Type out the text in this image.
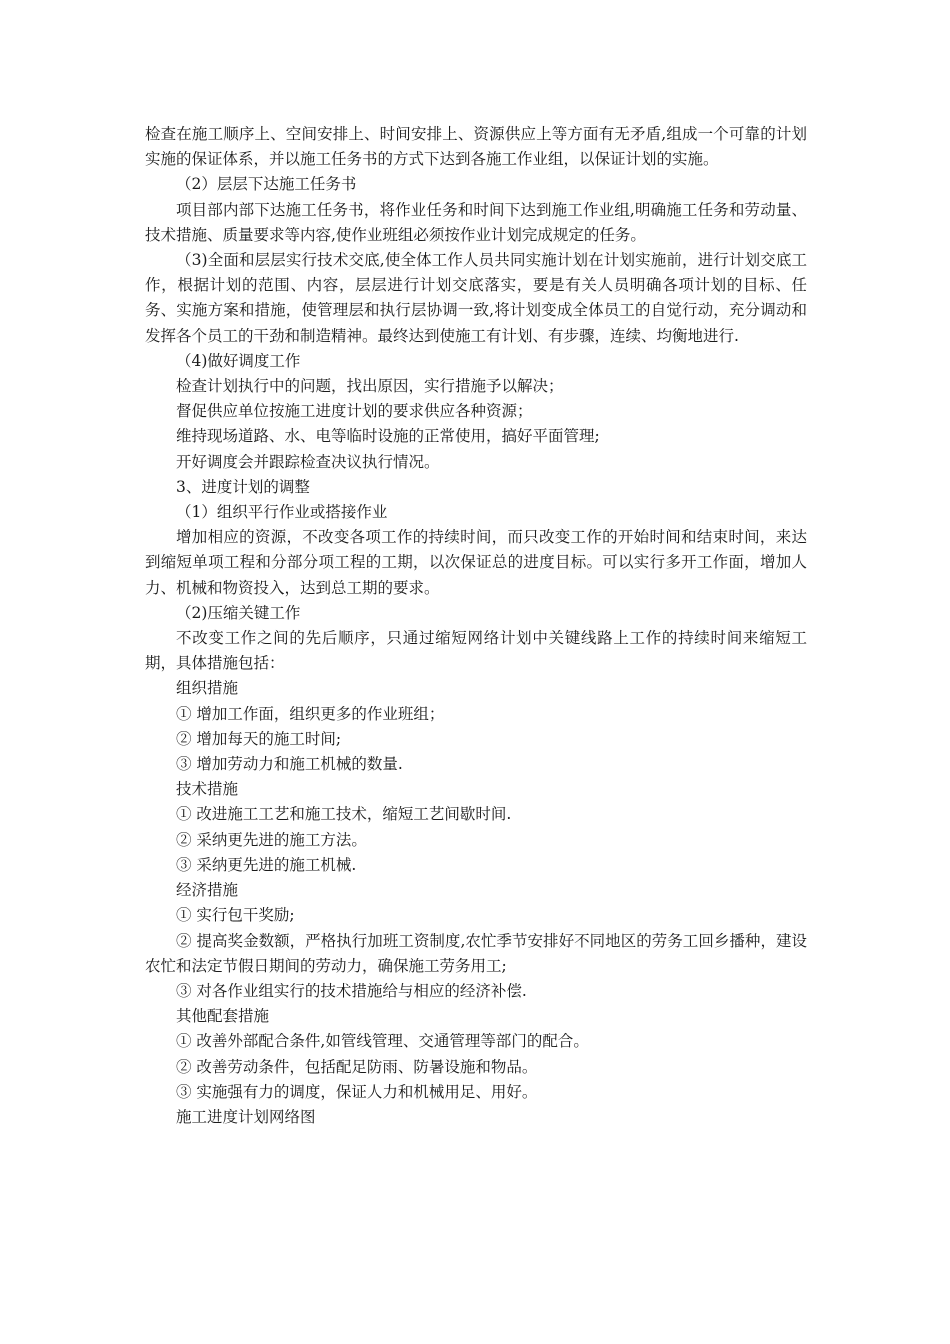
检查在施工顺序上、空间安排上、时间安排上、资源供应上等方面有无矛盾,组成一个可靠的计划实施的保证体系，并以施工任务书的方式下达到各施工作业组，以保证计划的实施。

（2）层层下达施工任务书

项目部内部下达施工任务书，将作业任务和时间下达到施工作业组,明确施工任务和劳动量、技术措施、质量要求等内容,使作业班组必须按作业计划完成规定的任务。

（3)全面和层层实行技术交底,使全体工作人员共同实施计划在计划实施前，进行计划交底工作，根据计划的范围、内容，层层进行计划交底落实，要是有关人员明确各项计划的目标、任务、实施方案和措施，使管理层和执行层协调一致,将计划变成全体员工的自觉行动，充分调动和发挥各个员工的干劲和制造精神。最终达到使施工有计划、有步骤，连续、均衡地进行.

（4)做好调度工作

检查计划执行中的问题，找出原因，实行措施予以解决；

督促供应单位按施工进度计划的要求供应各种资源；

维持现场道路、水、电等临时设施的正常使用，搞好平面管理;

开好调度会并跟踪检查决议执行情况。

3、进度计划的调整

（1）组织平行作业或搭接作业

增加相应的资源，不改变各项工作的持续时间，而只改变工作的开始时间和结束时间，来达到缩短单项工程和分部分项工程的工期，以次保证总的进度目标。可以实行多开工作面，增加人力、机械和物资投入，达到总工期的要求。

（2)压缩关键工作

不改变工作之间的先后顺序，只通过缩短网络计划中关键线路上工作的持续时间来缩短工期，具体措施包括：

组织措施

① 增加工作面，组织更多的作业班组；

② 增加每天的施工时间;

③ 增加劳动力和施工机械的数量.

技术措施

① 改进施工工艺和施工技术，缩短工艺间歇时间.

② 采纳更先进的施工方法。

③ 采纳更先进的施工机械.

经济措施

① 实行包干奖励;

② 提高奖金数额，严格执行加班工资制度,农忙季节安排好不同地区的劳务工回乡播种，建设农忙和法定节假日期间的劳动力，确保施工劳务用工;

③ 对各作业组实行的技术措施给与相应的经济补偿.

其他配套措施

① 改善外部配合条件,如管线管理、交通管理等部门的配合。

② 改善劳动条件，包括配足防雨、防暑设施和物品。

③ 实施强有力的调度，保证人力和机械用足、用好。

施工进度计划网络图
